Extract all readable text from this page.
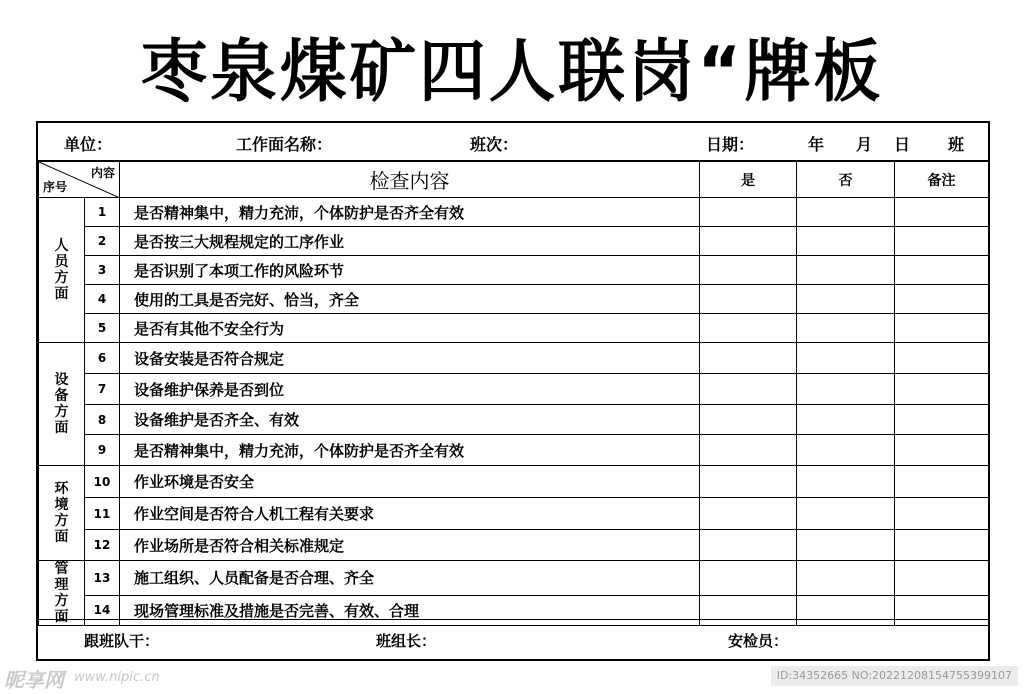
枣泉煤矿四人联岗“牌板
单位：	工作面名称：	班次：	日期：	年 月 日 班
内容
序号		检查内容	是	否	备注

人
员
方
面	1	是否精神集中，精力充沛，个体防护是否齐全有效			
	2	是否按三大规程规定的工序作业			
	3	是否识别了本项工作的风险环节			
	4	使用的工具是否完好、恰当，齐全			
	5	是否有其他不安全行为			

设
备
方
面	6	设备安装是否符合规定			
	7	设备维护保养是否到位			
	8	设备维护是否齐全、有效			
	9	是否精神集中，精力充沛，个体防护是否齐全有效			

环
境
方
面	10	作业环境是否安全			
	11	作业空间是否符合人机工程有关要求			
	12	作业场所是否符合相关标准规定			

管
理
方
面	13	施工组织、人员配备是否合理、齐全			
	14	现场管理标准及措施是否完善、有效、合理			
跟班队干：	班组长：	安检员：
昵享网 www.nipic.cn	ID:34352665 NO:20221208154755399107
